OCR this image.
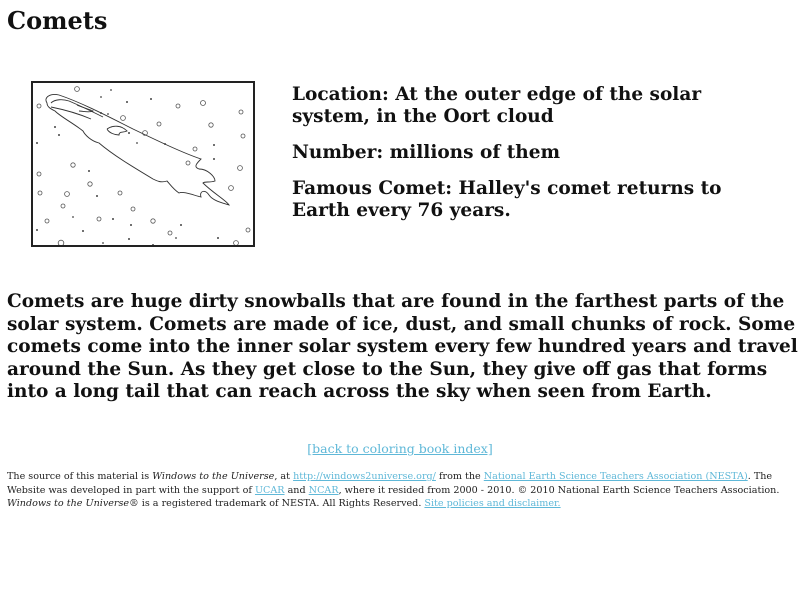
Comets

Location: At the outer edge of the solar system, in the Oort cloud

Number: millions of them

Famous Comet: Halley's comet returns to Earth every 76 years.

Comets are huge dirty snowballs that are found in the farthest parts of the solar system. Comets are made of ice, dust, and small chunks of rock. Some comets come into the inner solar system every few hundred years and travel around the Sun. As they get close to the Sun, they give off gas that forms into a long tail that can reach across the sky when seen from Earth.

[back to coloring book index]

The source of this material is Windows to the Universe, at http://windows2universe.org/ from the National Earth Science Teachers Association (NESTA). The Website was developed in part with the support of UCAR and NCAR, where it resided from 2000 - 2010. © 2010 National Earth Science Teachers Association. Windows to the Universe® is a registered trademark of NESTA. All Rights Reserved. Site policies and disclaimer.
